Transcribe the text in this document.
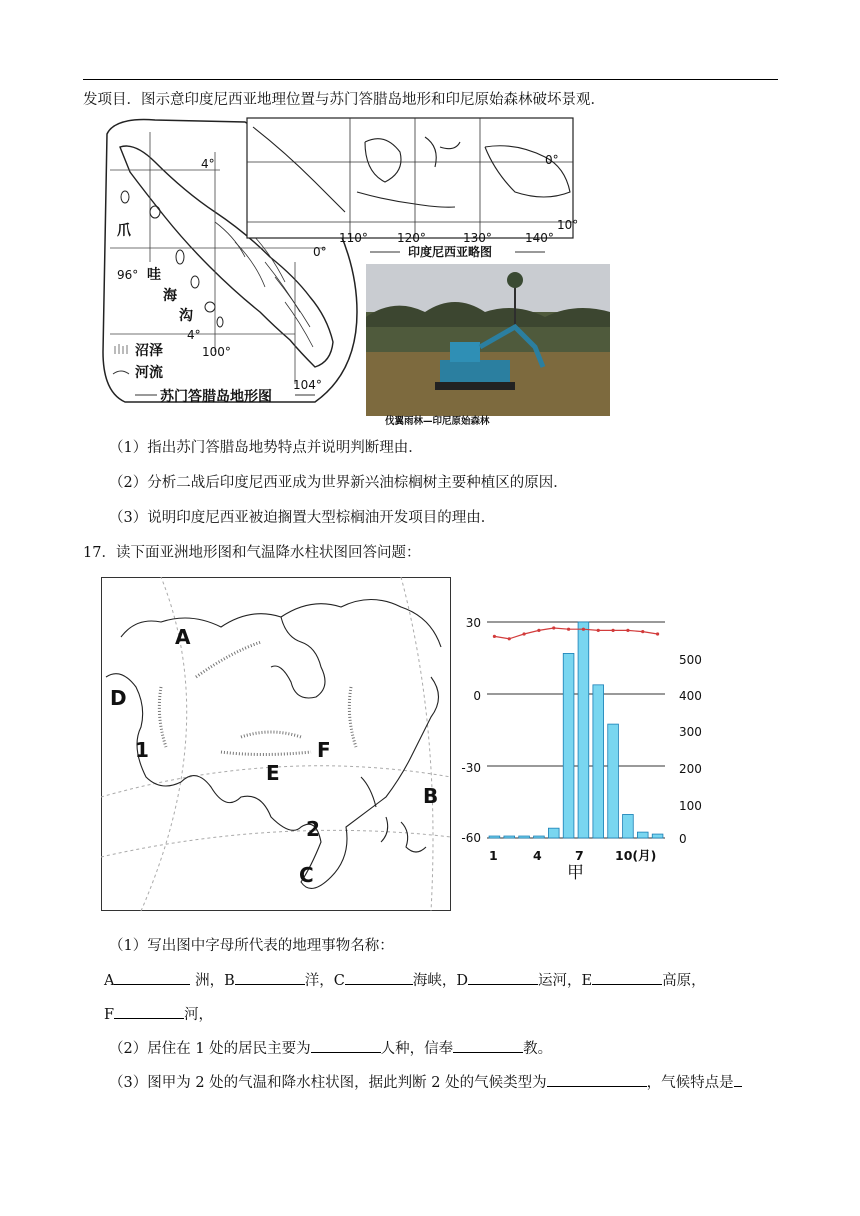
发项目．图示意印度尼西亚地理位置与苏门答腊岛地形和印尼原始森林破坏景观．
4°
96°
0°
4°
100°
104°
爪
哇
海
沟
沼泽
河流
苏门答腊岛地形图
0°
10°
110° 120°	130°	140°
印度尼西亚略图
伐翼雨林—印尼原始森林
（1）指出苏门答腊岛地势特点并说明判断理由．
（2）分析二战后印度尼西亚成为世界新兴油棕榈树主要种植区的原因．
（3）说明印度尼西亚被迫搁置大型棕榈油开发项目的理由．
17．读下面亚洲地形图和气温降水柱状图回答问题：
A
B
C
D
E
F
1
2
30
0
-30
-60
500
400
300
200
100
0
1	4	7	10(月)
甲
（1）写出图中字母所代表的地理事物名称：
A	洲，B	洋，C	海峡，D	运河，E	高原，
F	河，
（2）居住在 1 处的居民主要为	人种，信奉	教。
（3）图甲为 2 处的气温和降水柱状图，据此判断 2 处的气候类型为	，气候特点是
